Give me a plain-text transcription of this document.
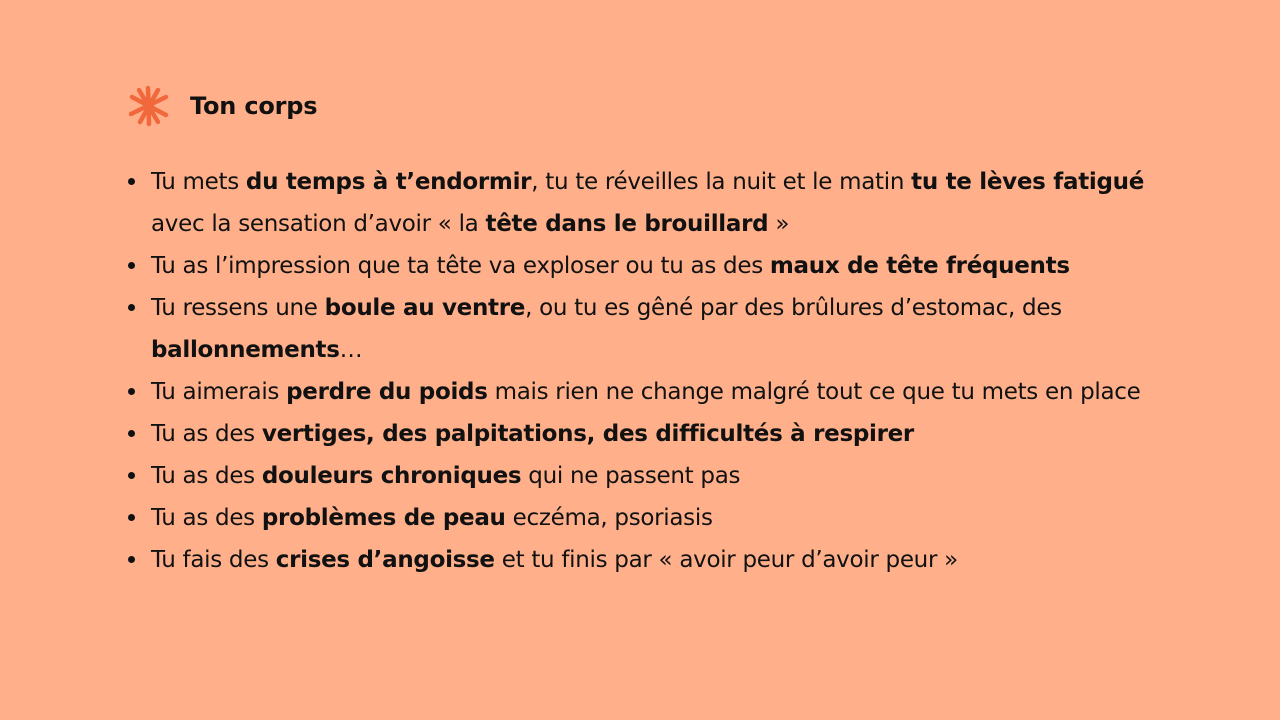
Ton corps
Tu mets du temps à t’endormir, tu te réveilles la nuit et le matin tu te lèves fatigué avec la sensation d’avoir « la tête dans le brouillard »
Tu as l’impression que ta tête va exploser ou tu as des maux de tête fréquents
Tu ressens une boule au ventre, ou tu es gêné par des brûlures d’estomac, des ballonnements…
Tu aimerais perdre du poids mais rien ne change malgré tout ce que tu mets en place
Tu as des vertiges, des palpitations, des difficultés à respirer
Tu as des douleurs chroniques qui ne passent pas
Tu as des problèmes de peau eczéma, psoriasis
Tu fais des crises d’angoisse et tu finis par « avoir peur d’avoir peur »
